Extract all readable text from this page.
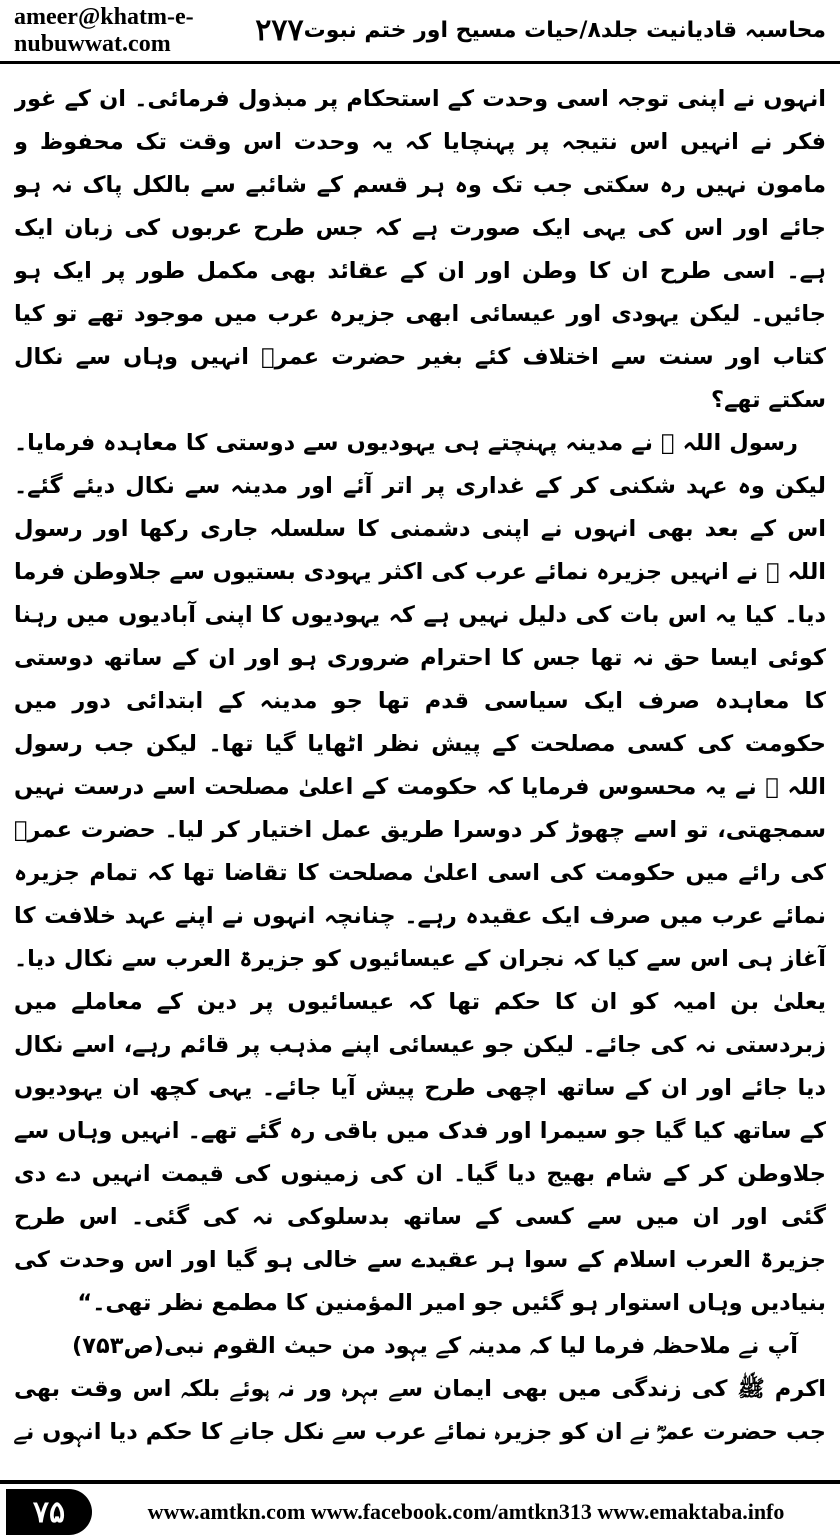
ameer@khatm-e-nubuwwat.com	۲۷۷ محاسبہ قادیانیت جلد۸/حیات مسیح اور ختم نبوت

انہوں نے اپنی توجہ اسی وحدت کے استحکام پر مبذول فرمائی۔ ان کے غور فکر نے انہیں اس نتیجہ پر پہنچایا کہ یہ وحدت اس وقت تک محفوظ و مامون نہیں رہ سکتی جب تک وہ ہر قسم کے شائبے سے بالکل پاک نہ ہو جائے اور اس کی یہی ایک صورت ہے کہ جس طرح عربوں کی زبان ایک ہے۔ اسی طرح ان کا وطن اور ان کے عقائد بھی مکمل طور پر ایک ہو جائیں۔ لیکن یہودی اور عیسائی ابھی جزیرہ عرب میں موجود تھے تو کیا کتاب اور سنت سے اختلاف کئے بغیر حضرت عمرؓ انہیں وہاں سے نکال سکتے تھے؟

رسول اللہ ﷺ نے مدینہ پہنچتے ہی یہودیوں سے دوستی کا معاہدہ فرمایا۔ لیکن وہ عہد شکنی کر کے غداری پر اتر آئے اور مدینہ سے نکال دیئے گئے۔ اس کے بعد بھی انہوں نے اپنی دشمنی کا سلسلہ جاری رکھا اور رسول اللہ ﷺ نے انہیں جزیرہ نمائے عرب کی اکثر یہودی بستیوں سے جلاوطن فرما دیا۔ کیا یہ اس بات کی دلیل نہیں ہے کہ یہودیوں کا اپنی آبادیوں میں رہنا کوئی ایسا حق نہ تھا جس کا احترام ضروری ہو اور ان کے ساتھ دوستی کا معاہدہ صرف ایک سیاسی قدم تھا جو مدینہ کے ابتدائی دور میں حکومت کی کسی مصلحت کے پیش نظر اٹھایا گیا تھا۔ لیکن جب رسول اللہ ﷺ نے یہ محسوس فرمایا کہ حکومت کے اعلیٰ مصلحت اسے درست نہیں سمجھتی، تو اسے چھوڑ کر دوسرا طریق عمل اختیار کر لیا۔ حضرت عمرؓ کی رائے میں حکومت کی اسی اعلیٰ مصلحت کا تقاضا تھا کہ تمام جزیرہ نمائے عرب میں صرف ایک عقیدہ رہے۔ چنانچہ انہوں نے اپنے عہد خلافت کا آغاز ہی اس سے کیا کہ نجران کے عیسائیوں کو جزیرۃ العرب سے نکال دیا۔ یعلیٰ بن امیہ کو ان کا حکم تھا کہ عیسائیوں پر دین کے معاملے میں زبردستی نہ کی جائے۔ لیکن جو عیسائی اپنے مذہب پر قائم رہے، اسے نکال دیا جائے اور ان کے ساتھ اچھی طرح پیش آیا جائے۔ یہی کچھ ان یہودیوں کے ساتھ کیا گیا جو سیمرا اور فدک میں باقی رہ گئے تھے۔ انہیں وہاں سے جلاوطن کر کے شام بھیج دیا گیا۔ ان کی زمینوں کی قیمت انہیں دے دی گئی اور ان میں سے کسی کے ساتھ بدسلوکی نہ کی گئی۔ اس طرح جزیرۃ العرب اسلام کے سوا ہر عقیدے سے خالی ہو گیا اور اس وحدت کی بنیادیں وہاں استوار ہو گئیں جو امیر المؤمنین کا مطمع نظر تھی۔“
(ص۷۵۳)	آپ نے ملاحظہ فرما لیا کہ مدینہ کے یہود من حیث القوم نبی اکرم ﷺ کی زندگی میں بھی ایمان سے بہرہ ور نہ ہوئے بلکہ اس وقت بھی جب حضرت عمرؓ نے ان کو جزیرہ نمائے عرب سے نکل جانے کا حکم دیا انہوں نے

۷۵	www.amtkn.com www.facebook.com/amtkn313 www.emaktaba.info
